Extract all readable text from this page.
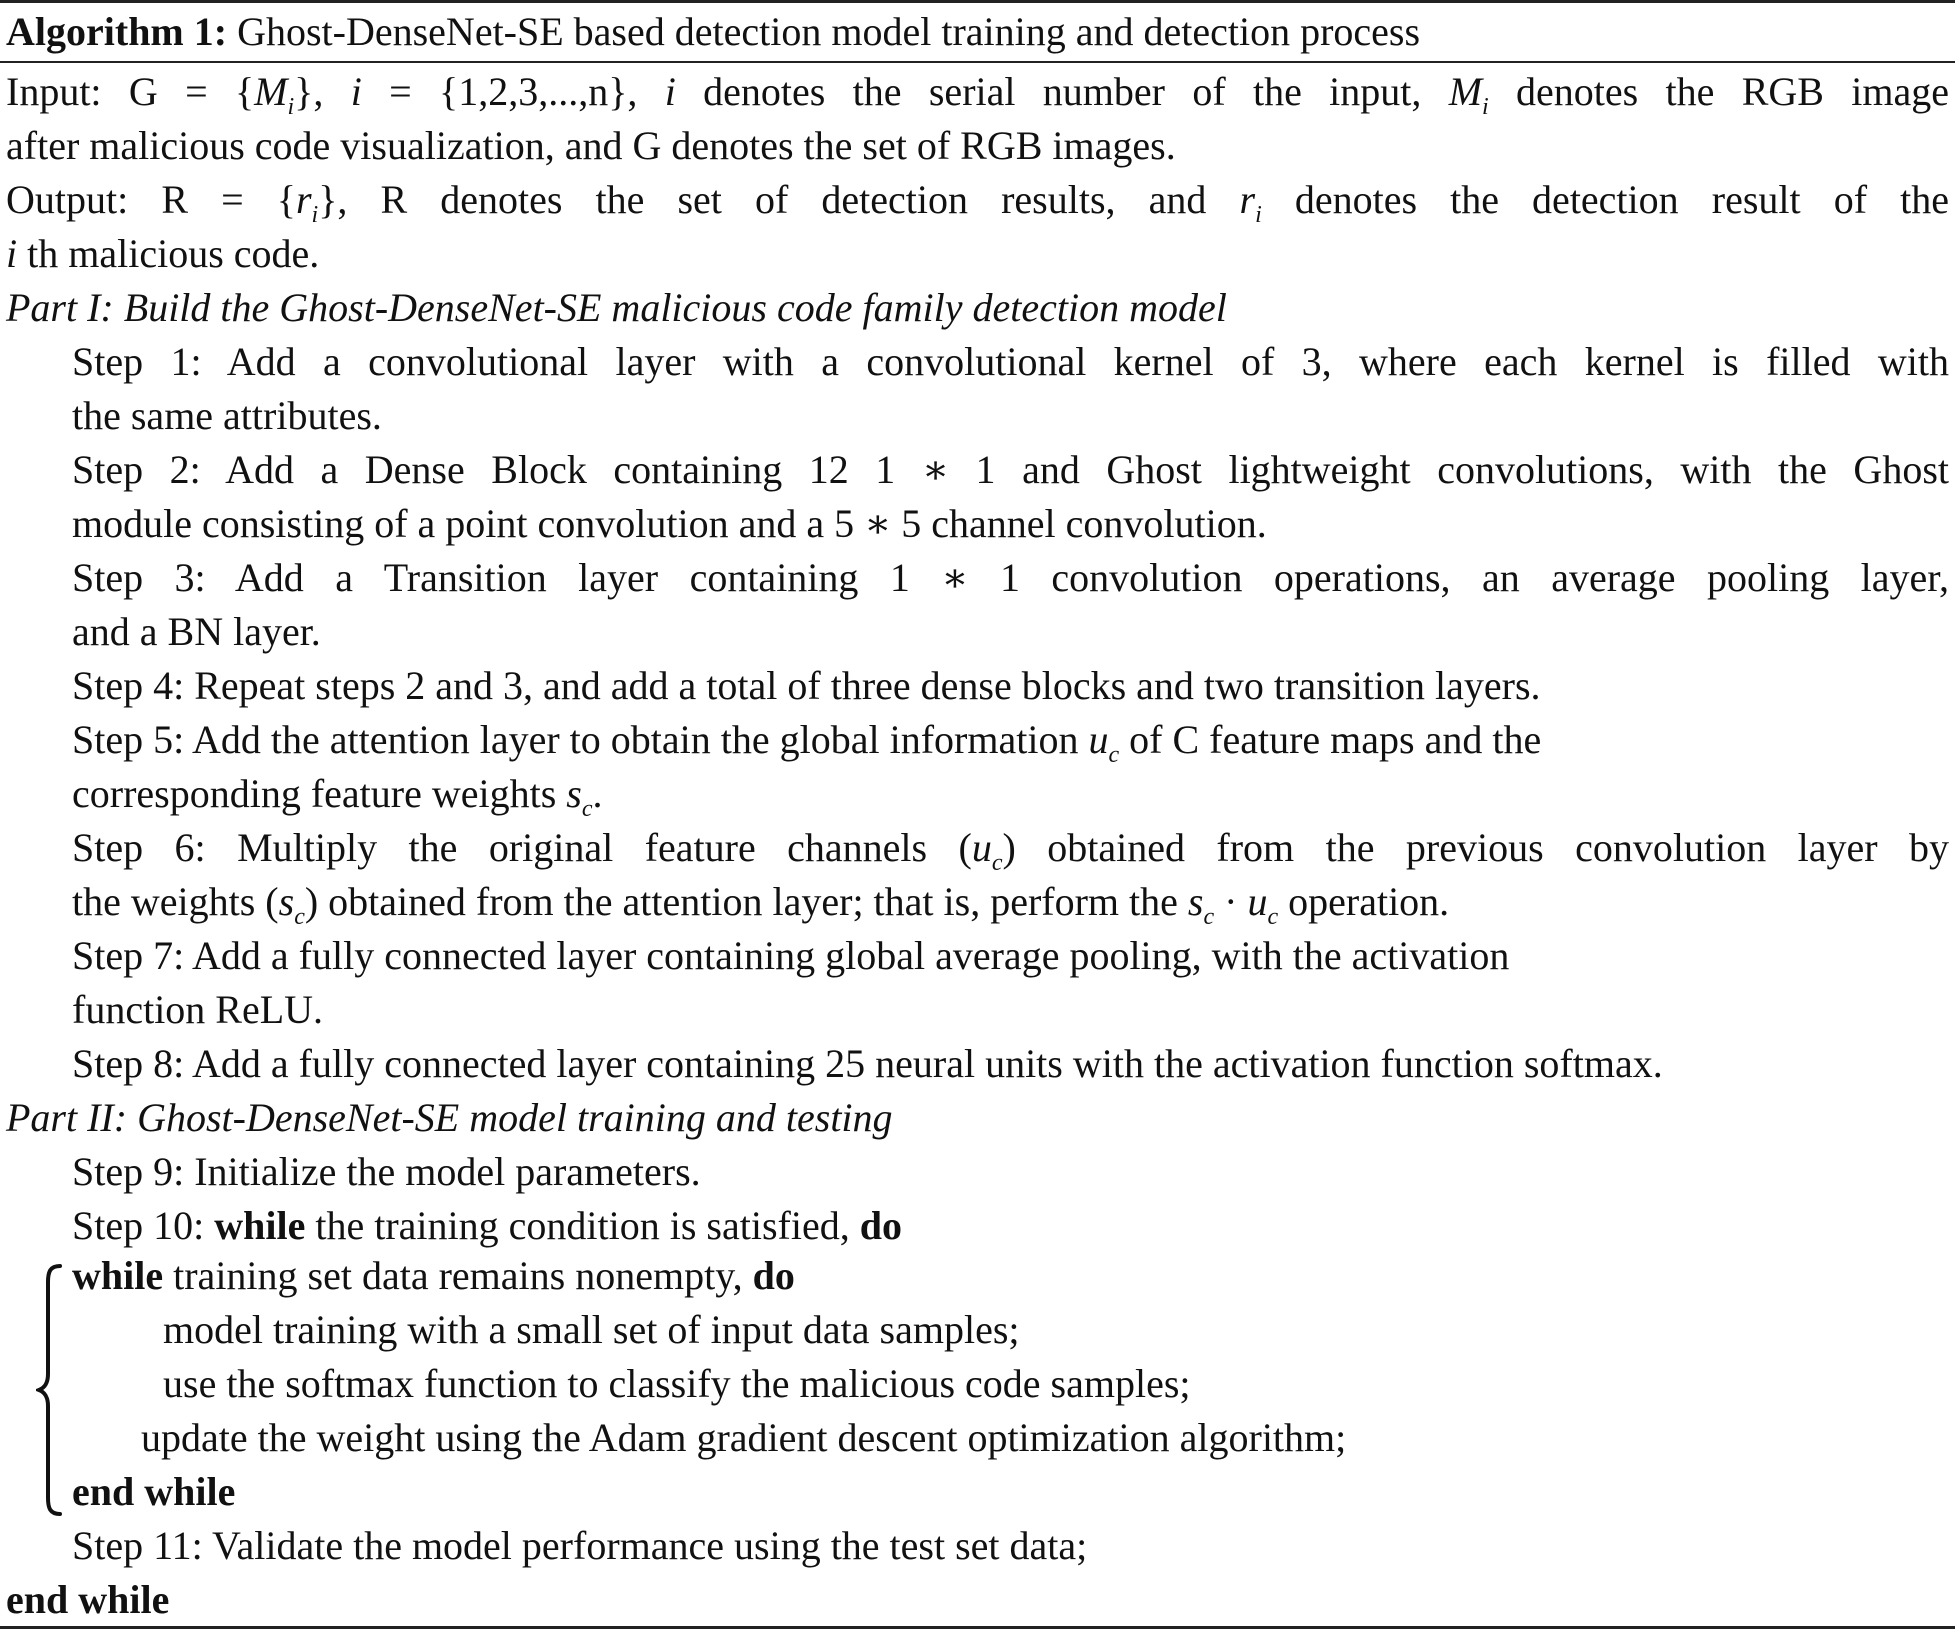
Algorithm 1: Ghost-DenseNet-SE based detection model training and detection process
Input: $G = \{M_i\}$, i = {1,2,3,...,n}, i denotes the serial number of the input, $M_i$ denotes the RGB image
after malicious code visualization, and G denotes the set of RGB images.
Output: $R = \{r_i\}$, R denotes the set of detection results, and $r_i$ denotes the detection result of the
i th malicious code.
Part I: Build the Ghost-DenseNet-SE malicious code family detection model
Step 1: Add a convolutional layer with a convolutional kernel of 3, where each kernel is filled with
the same attributes.
Step 2: Add a Dense Block containing 12 1 ∗ 1 and Ghost lightweight convolutions, with the Ghost
module consisting of a point convolution and a 5 ∗ 5 channel convolution.
Step 3: Add a Transition layer containing 1 ∗ 1 convolution operations, an average pooling layer,
and a BN layer.
Step 4: Repeat steps 2 and 3, and add a total of three dense blocks and two transition layers.
Step 5: Add the attention layer to obtain the global information $u_c$ of C feature maps and the
corresponding feature weights $s_c$.
Step 6: Multiply the original feature channels $(u_c)$ obtained from the previous convolution layer by
the weights $(s_c)$ obtained from the attention layer; that is, perform the $s_c \cdot u_c$ operation.
Step 7: Add a fully connected layer containing global average pooling, with the activation
function ReLU.
Step 8: Add a fully connected layer containing 25 neural units with the activation function softmax.
Part II: Ghost-DenseNet-SE model training and testing
Step 9: Initialize the model parameters.
Step 10: while the training condition is satisfied, do
while training set data remains nonempty, do
model training with a small set of input data samples;
use the softmax function to classify the malicious code samples;
update the weight using the Adam gradient descent optimization algorithm;
end while
Step 11: Validate the model performance using the test set data;
end while
